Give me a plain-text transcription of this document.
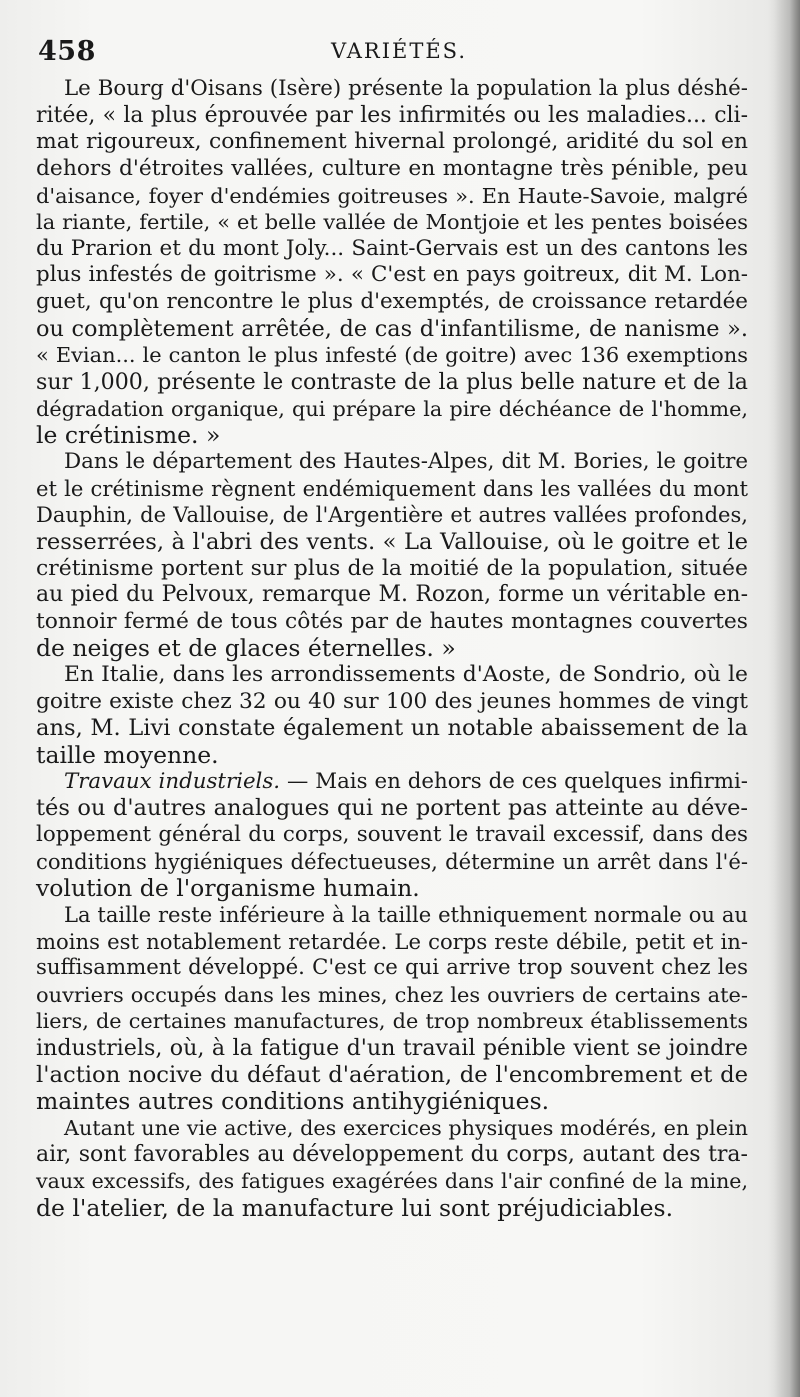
458	VARIÉTÉS.

Le Bourg d'Oisans (Isère) présente la population la plus déshé-
ritée, « la plus éprouvée par les infirmités ou les maladies... cli-
mat rigoureux, confinement hivernal prolongé, aridité du sol en
dehors d'étroites vallées, culture en montagne très pénible, peu
d'aisance, foyer d'endémies goitreuses ». En Haute-Savoie, malgré
la riante, fertile, « et belle vallée de Montjoie et les pentes boisées
du Prarion et du mont Joly... Saint-Gervais est un des cantons les
plus infestés de goitrisme ». « C'est en pays goitreux, dit M. Lon-
guet, qu'on rencontre le plus d'exemptés, de croissance retardée
ou complètement arrêtée, de cas d'infantilisme, de nanisme ».
« Evian... le canton le plus infesté (de goitre) avec 136 exemptions
sur 1,000, présente le contraste de la plus belle nature et de la
dégradation organique, qui prépare la pire déchéance de l'homme,
le crétinisme. »

Dans le département des Hautes-Alpes, dit M. Bories, le goitre
et le crétinisme règnent endémiquement dans les vallées du mont
Dauphin, de Vallouise, de l'Argentière et autres vallées profondes,
resserrées, à l'abri des vents. « La Vallouise, où le goitre et le
crétinisme portent sur plus de la moitié de la population, située
au pied du Pelvoux, remarque M. Rozon, forme un véritable en-
tonnoir fermé de tous côtés par de hautes montagnes couvertes
de neiges et de glaces éternelles. »

En Italie, dans les arrondissements d'Aoste, de Sondrio, où le
goitre existe chez 32 ou 40 sur 100 des jeunes hommes de vingt
ans, M. Livi constate également un notable abaissement de la
taille moyenne.

Travaux industriels. — Mais en dehors de ces quelques infirmi-
tés ou d'autres analogues qui ne portent pas atteinte au déve-
loppement général du corps, souvent le travail excessif, dans des
conditions hygiéniques défectueuses, détermine un arrêt dans l'é-
volution de l'organisme humain.

La taille reste inférieure à la taille ethniquement normale ou au
moins est notablement retardée. Le corps reste débile, petit et in-
suffisamment développé. C'est ce qui arrive trop souvent chez les
ouvriers occupés dans les mines, chez les ouvriers de certains ate-
liers, de certaines manufactures, de trop nombreux établissements
industriels, où, à la fatigue d'un travail pénible vient se joindre
l'action nocive du défaut d'aération, de l'encombrement et de
maintes autres conditions antihygiéniques.

Autant une vie active, des exercices physiques modérés, en plein
air, sont favorables au développement du corps, autant des tra-
vaux excessifs, des fatigues exagérées dans l'air confiné de la mine,
de l'atelier, de la manufacture lui sont préjudiciables.
